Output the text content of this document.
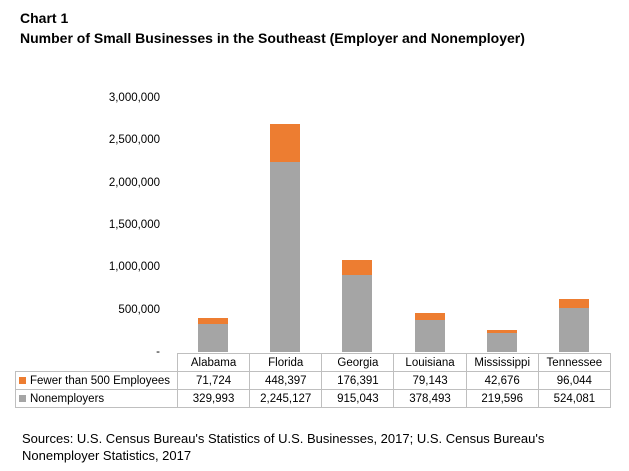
Chart 1
Number of Small Businesses in the Southeast (Employer and Nonemployer)
3,000,000
2,500,000
2,000,000
1,500,000
1,000,000
500,000
-
	Alabama	Florida	Georgia	Louisiana	Mississippi	Tennessee
Fewer than 500 Employees	71,724	448,397	176,391	79,143	42,676	96,044
Nonemployers	329,993	2,245,127	915,043	378,493	219,596	524,081
Sources: U.S. Census Bureau's Statistics of U.S. Businesses, 2017; U.S. Census Bureau's
Nonemployer Statistics, 2017
